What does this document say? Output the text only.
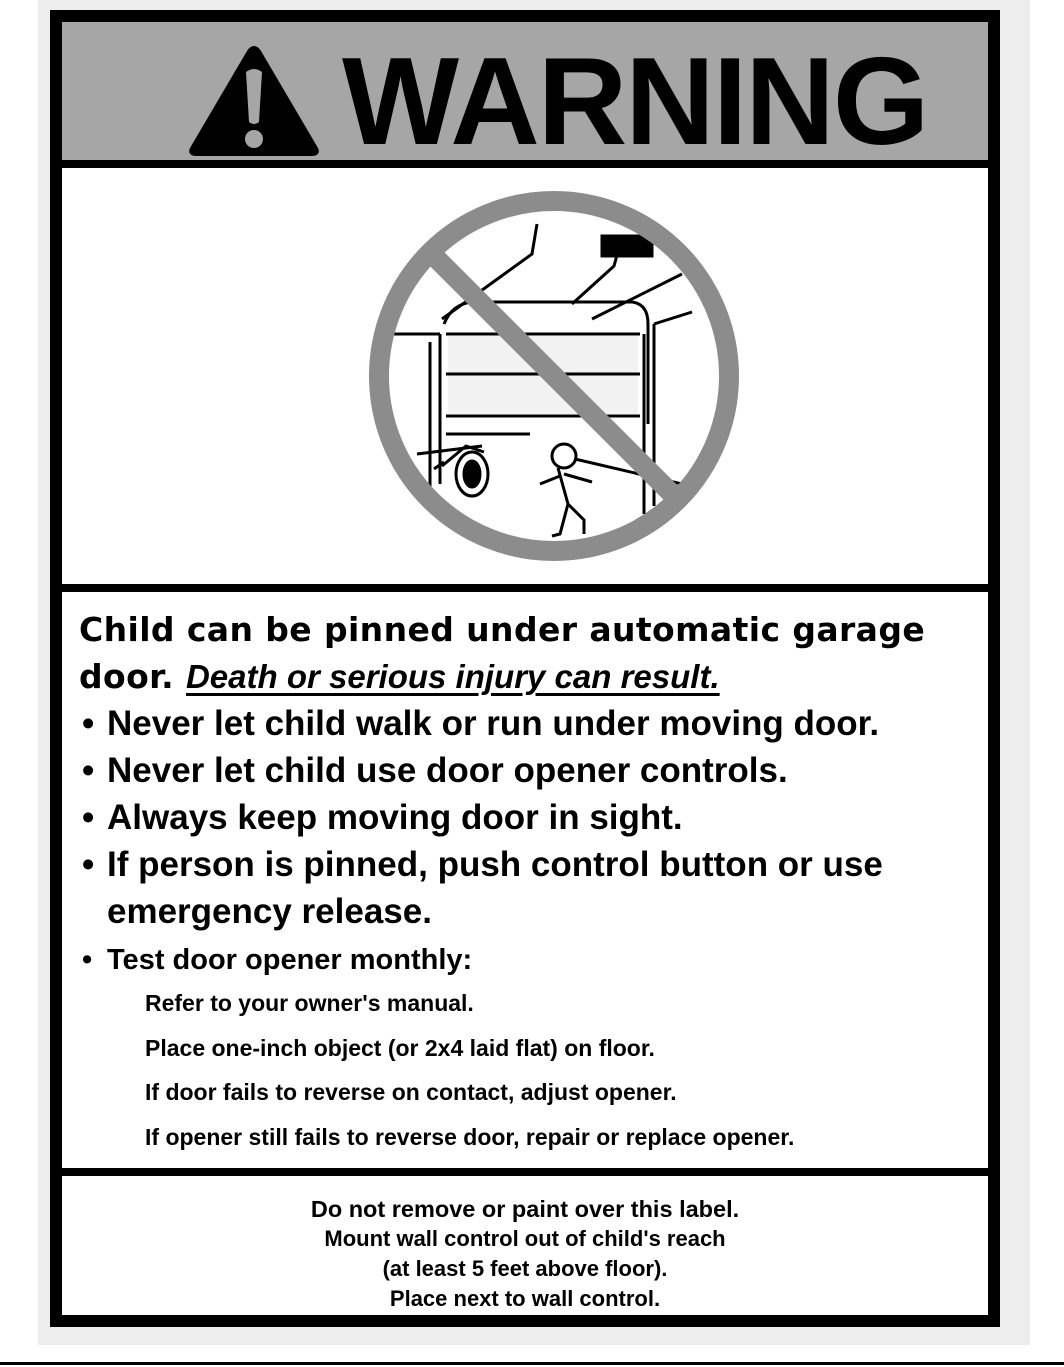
WARNING
Child can be pinned under automatic garage door. Death or serious injury can result.
• Never let child walk or run under moving door.
• Never let child use door opener controls.
• Always keep moving door in sight.
• If person is pinned, push control button or use emergency release.
• Test door opener monthly:
Refer to your owner's manual.
Place one-inch object (or 2x4 laid flat) on floor.
If door fails to reverse on contact, adjust opener.
If opener still fails to reverse door, repair or replace opener.
Do not remove or paint over this label.
Mount wall control out of child's reach
(at least 5 feet above floor).
Place next to wall control.
